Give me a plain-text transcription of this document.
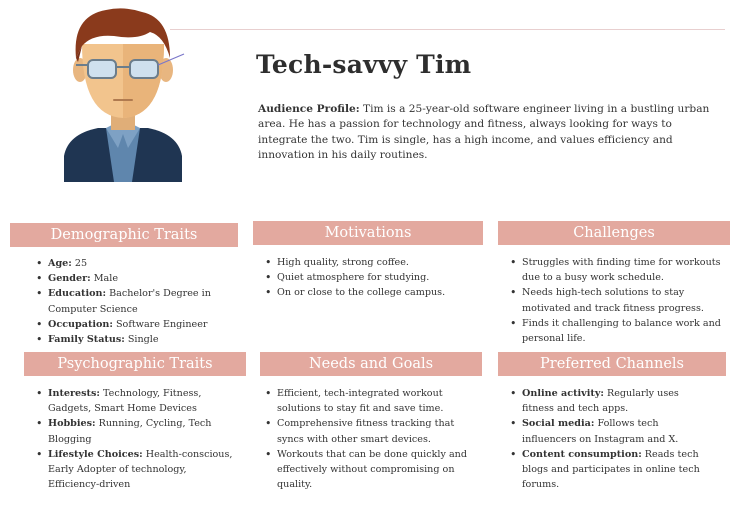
Tech-savvy Tim

Audience Profile: Tim is a 25-year-old software engineer living in a bustling urban area. He has a passion for technology and fitness, always looking for ways to integrate the two. Tim is single, has a high income, and values efficiency and innovation in his daily routines.

Demographic Traits	Motivations	Challenges
• Age: 25
• Gender: Male
• Education: Bachelor's Degree in Computer Science
• Occupation: Software Engineer
• Family Status: Single
• High quality, strong coffee.
• Quiet atmosphere for studying.
• On or close to the college campus.
• Struggles with finding time for workouts due to a busy work schedule.
• Needs high-tech solutions to stay motivated and track fitness progress.
• Finds it challenging to balance work and personal life.
Psychographic Traits	Needs and Goals	Preferred Channels
• Interests: Technology, Fitness, Gadgets, Smart Home Devices
• Hobbies: Running, Cycling, Tech Blogging
• Lifestyle Choices: Health-conscious, Early Adopter of technology, Efficiency-driven
• Efficient, tech-integrated workout solutions to stay fit and save time.
• Comprehensive fitness tracking that syncs with other smart devices.
• Workouts that can be done quickly and effectively without compromising on quality.
• Online activity: Regularly uses fitness and tech apps.
• Social media: Follows tech influencers on Instagram and X.
• Content consumption: Reads tech blogs and participates in online tech forums.
